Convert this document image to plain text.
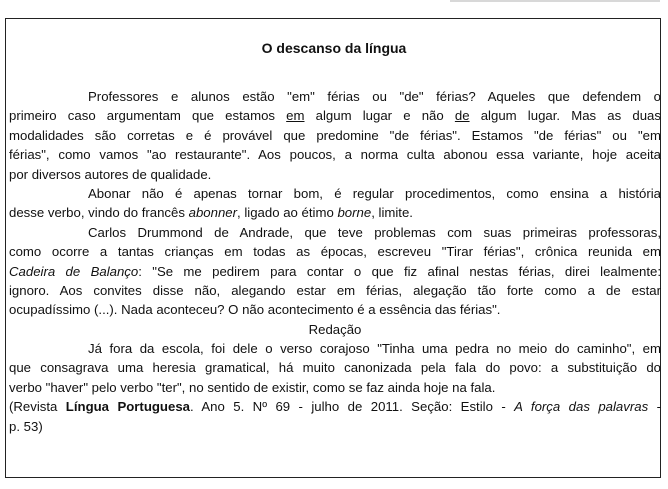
O descanso da língua
Professores e alunos estão "em" férias ou "de" férias? Aqueles que defendem o
primeiro caso argumentam que estamos em algum lugar e não de algum lugar. Mas as duas
modalidades são corretas e é provável que predomine "de férias". Estamos "de férias" ou "em
férias", como vamos "ao restaurante". Aos poucos, a norma culta abonou essa variante, hoje aceita
por diversos autores de qualidade.
Abonar não é apenas tornar bom, é regular procedimentos, como ensina a história
desse verbo, vindo do francês abonner, ligado ao étimo borne, limite.
Carlos Drummond de Andrade, que teve problemas com suas primeiras professoras,
como ocorre a tantas crianças em todas as épocas, escreveu "Tirar férias", crônica reunida em
Cadeira de Balanço: "Se me pedirem para contar o que fiz afinal nestas férias, direi lealmente:
ignoro. Aos convites disse não, alegando estar em férias, alegação tão forte como a de estar
ocupadíssimo (...). Nada aconteceu? O não acontecimento é a essência das férias".
Redação
Já fora da escola, foi dele o verso corajoso "Tinha uma pedra no meio do caminho", em
que consagrava uma heresia gramatical, há muito canonizada pela fala do povo: a substituição do
verbo "haver" pelo verbo "ter", no sentido de existir, como se faz ainda hoje na fala.
(Revista Língua Portuguesa. Ano 5. Nº 69 - julho de 2011. Seção: Estilo - A força das palavras -
p. 53)
